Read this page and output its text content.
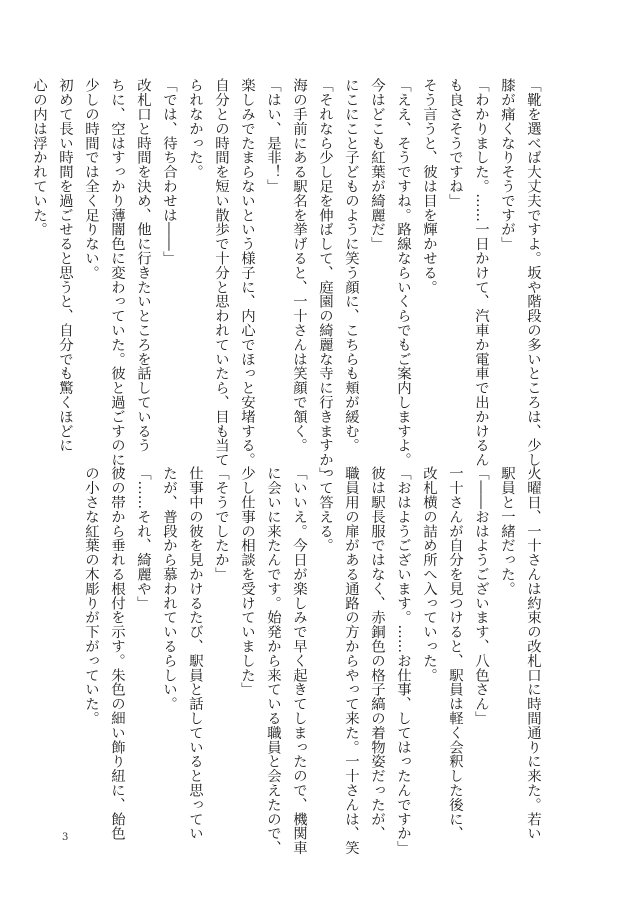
「靴を選べば大丈夫ですよ。坂や階段の多いところは、少し
膝が痛くなりそうですが」
「わかりました。……一日かけて、汽車か電車で出かけるん
も良さそうですね」
そう言うと、彼は目を輝かせる。
「ええ、そうですね。路線ならいくらでもご案内しますよ。
今はどこも紅葉が綺麗だ」
にこにこと子どものように笑う顔に、こちらも頬が緩む。
「それなら少し足を伸ばして、庭園の綺麗な寺に行きますか」
海の手前にある駅名を挙げると、一十さんは笑顔で頷く。
「はい、是非！」
楽しみでたまらないという様子に、内心でほっと安堵する。
自分との時間を短い散歩で十分と思われていたら、目も当て
られなかった。
「では、待ち合わせは――」
改札口と時間を決め、他に行きたいところを話しているう
ちに、空はすっかり薄闇色に変わっていた。彼と過ごすのに、
少しの時間では全く足りない。
初めて長い時間を過ごせると思うと、自分でも驚くほどに
心の内は浮かれていた。
火曜日、一十さんは約束の改札口に時間通りに来た。若い
駅員と一緒だった。
「――おはようございます、八色さん」
一十さんが自分を見つけると、駅員は軽く会釈した後に、
改札横の詰め所へ入っていった。
「おはようございます。……お仕事、してはったんですか」
彼は駅長服ではなく、赤銅色の格子縞の着物姿だったが、
職員用の扉がある通路の方からやって来た。一十さんは、笑
って答える。
「いいえ。今日が楽しみで早く起きてしまったので、機関車
に会いに来たんです。始発から来ている職員と会えたので、
少し仕事の相談を受けていました」
「そうでしたか」
仕事中の彼を見かけるたび、駅員と話していると思ってい
たが、普段から慕われているらしい。
「……それ、綺麗や」
彼の帯から垂れる根付を示す。朱色の細い飾り紐に、飴色
の小さな紅葉の木彫りが下がっていた。
3
